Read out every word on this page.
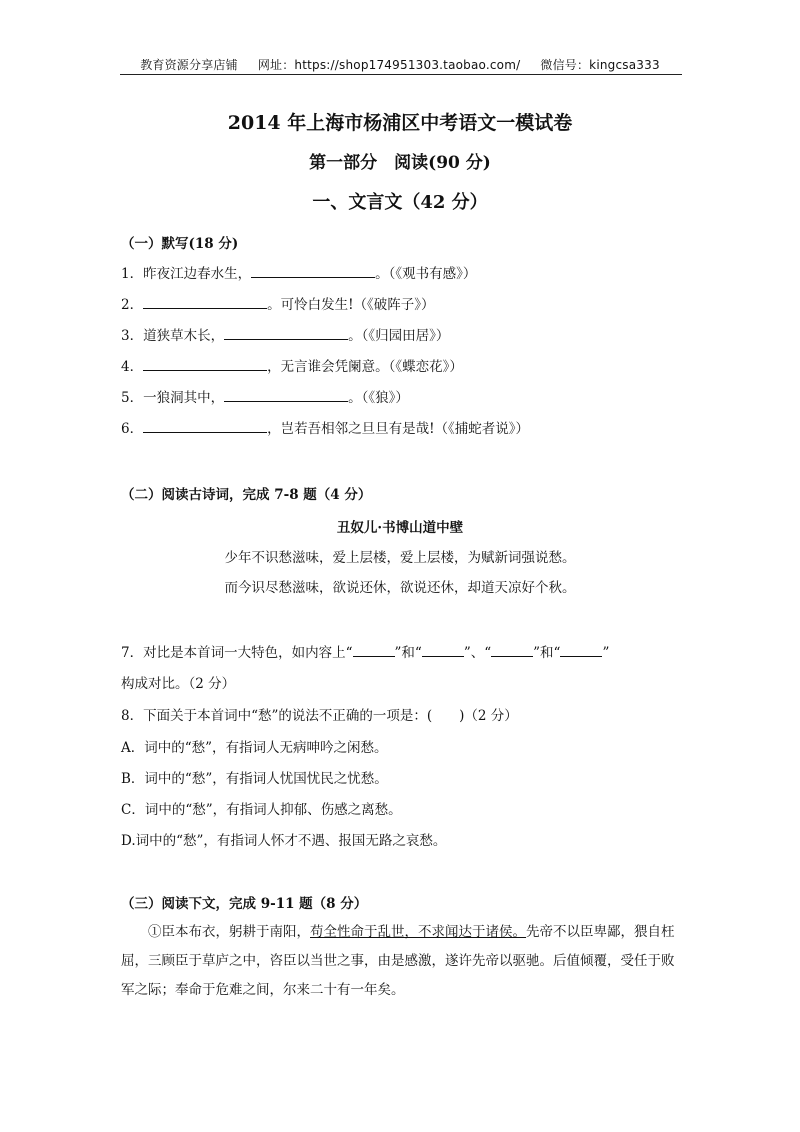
教育资源分享店铺 网址：https://shop174951303.taobao.com/ 微信号：kingcsa333
2014 年上海市杨浦区中考语文一模试卷
第一部分　阅读(90 分)
一、文言文（42 分）
（一）默写(18 分)
1．昨夜江边春水生，	。（《观书有感》）
2．	。可怜白发生!（《破阵子》）
3．道狭草木长，	。（《归园田居》）
4．	，无言谁会凭阑意。（《蝶恋花》）
5．一狼洞其中，	。（《狼》）
6．	，岂若吾相邻之旦旦有是哉!（《捕蛇者说》）
（二）阅读古诗词，完成 7-8 题（4 分）
丑奴儿·书博山道中壁
少年不识愁滋味，爱上层楼，爱上层楼，为赋新词强说愁。
而今识尽愁滋味，欲说还休，欲说还休，却道天凉好个秋。
7．对比是本首词一大特色，如内容上“	”和“	”、“	”和“	”
构成对比。（2 分）
8．下面关于本首词中“愁”的说法不正确的一项是：(　　)（2 分）
A．词中的“愁”，有指词人无病呻吟之闲愁。
B．词中的“愁”，有指词人忧国忧民之忧愁。
C．词中的“愁”，有指词人抑郁、伤感之离愁。
D.词中的“愁”，有指词人怀才不遇、报国无路之哀愁。
（三）阅读下文，完成 9-11 题（8 分）
①臣本布衣，躬耕于南阳，苟全性命于乱世，不求闻达于诸侯。先帝不以臣卑鄙，猥自枉屈，三顾臣于草庐之中，咨臣以当世之事，由是感激，遂许先帝以驱驰。后值倾覆，受任于败军之际；奉命于危难之间，尔来二十有一年矣。
